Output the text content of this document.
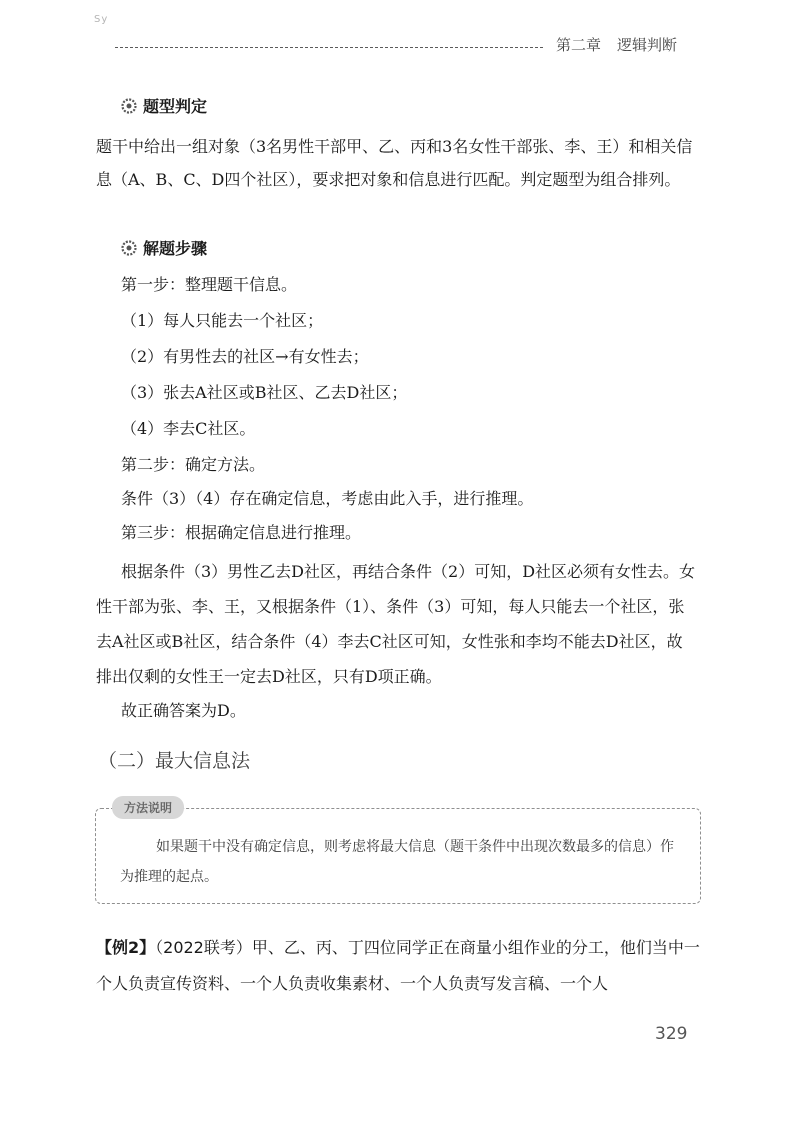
Sy
第二章 逻辑判断
题型判定

题干中给出一组对象（3名男性干部甲、乙、丙和3名女性干部张、李、王）和相关信息（A、B、C、D四个社区），要求把对象和信息进行匹配。判定题型为组合排列。

解题步骤

第一步：整理题干信息。

（1）每人只能去一个社区；

（2）有男性去的社区→有女性去；

（3）张去A社区或B社区、乙去D社区；

（4）李去C社区。

第二步：确定方法。

条件（3）（4）存在确定信息，考虑由此入手，进行推理。

第三步：根据确定信息进行推理。

根据条件（3）男性乙去D社区，再结合条件（2）可知，D社区必须有女性去。女性干部为张、李、王，又根据条件（1）、条件（3）可知，每人只能去一个社区，张去A社区或B社区，结合条件（4）李去C社区可知，女性张和李均不能去D社区，故排出仅剩的女性王一定去D社区，只有D项正确。

故正确答案为D。

（二）最大信息法
方法说明

如果题干中没有确定信息，则考虑将最大信息（题干条件中出现次数最多的信息）作为推理的起点。

【例2】（2022联考）甲、乙、丙、丁四位同学正在商量小组作业的分工，他们当中一个人负责宣传资料、一个人负责收集素材、一个人负责写发言稿、一个人

329
